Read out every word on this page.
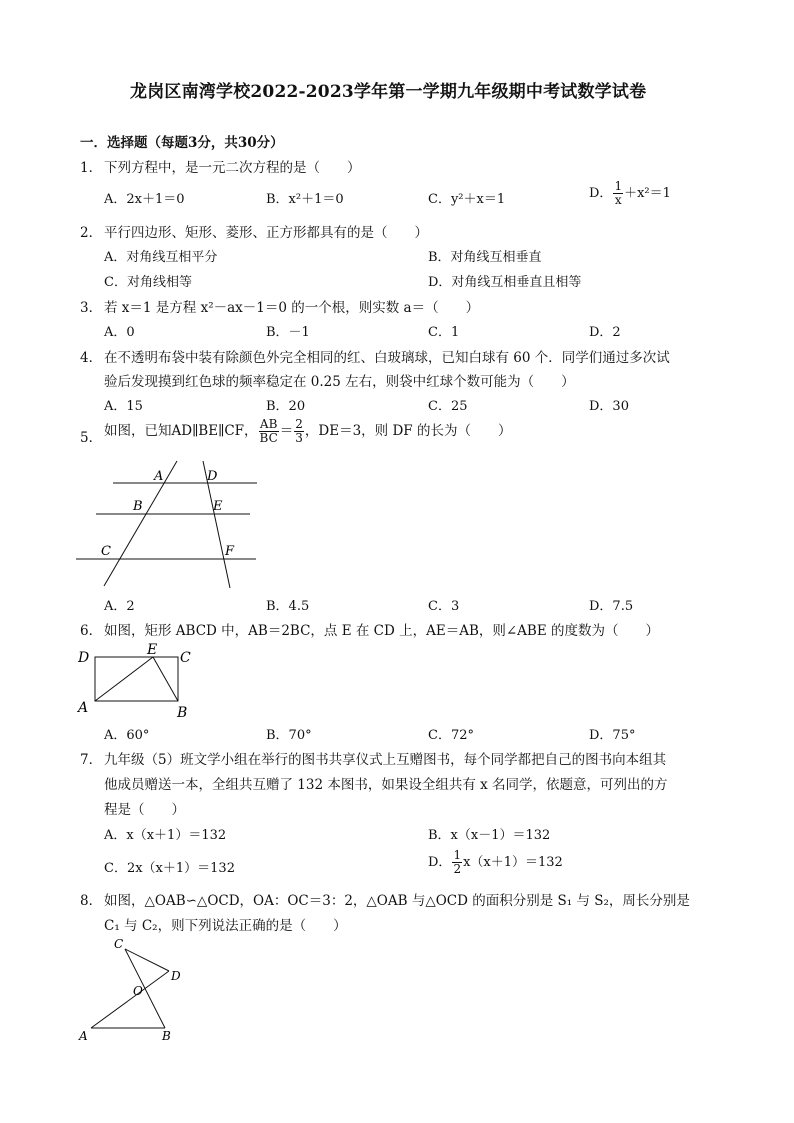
龙岗区南湾学校2022-2023学年第一学期九年级期中考试数学试卷
一．选择题（每题3分，共30分）
1． 下列方程中，是一元二次方程的是（　　）
A．2x＋1＝0	B．x²＋1＝0	C．y²＋x＝1	D． $\frac{1}{x} +x^2=1$
2． 平行四边形、矩形、菱形、正方形都具有的是（　　）
A．对角线互相平分	B．对角线互相垂直
C．对角线相等	D．对角线互相垂直且相等
3． 若 x＝1 是方程 x²－ax－1＝0 的一个根，则实数 a＝（　　）
A．0	B．－1	C．1	D．2
4． 在不透明布袋中装有除颜色外完全相同的红、白玻璃球，已知白球有 60 个．同学们通过多次试
验后发现摸到红色球的频率稳定在 0.25 左右，则袋中红球个数可能为（　　）
A．15	B．20	C．25	D．30
5． 如图，已知AD∥BE∥CF， $\frac{AB}{BC} = \frac{2}{3}$ ，DE＝3，则 DF 的长为（　　）
A	D
B	E
C	F
A．2	B．4.5	C．3	D．7.5
6． 如图，矩形 ABCD 中，AB＝2BC，点 E 在 CD 上，AE＝AB，则∠ABE 的度数为（　　）
D	E C
A	B
A．60°	B．70°	C．72°	D．75°
7． 九年级（5）班文学小组在举行的图书共享仪式上互赠图书，每个同学都把自己的图书向本组其
他成员赠送一本，全组共互赠了 132 本图书，如果设全组共有 x 名同学，依题意，可列出的方
程是（　　）
A．x（x＋1）＝132	B．x（x－1）＝132
C．2x（x＋1）＝132	D． $\frac{1}{2} x(x+1)=132$
8． 如图，△OAB∽△OCD，OA：OC＝3：2，△OAB 与△OCD 的面积分别是 S₁ 与 S₂，周长分别是
C₁ 与 C₂，则下列说法正确的是（　　）
C
D
O
A	B
